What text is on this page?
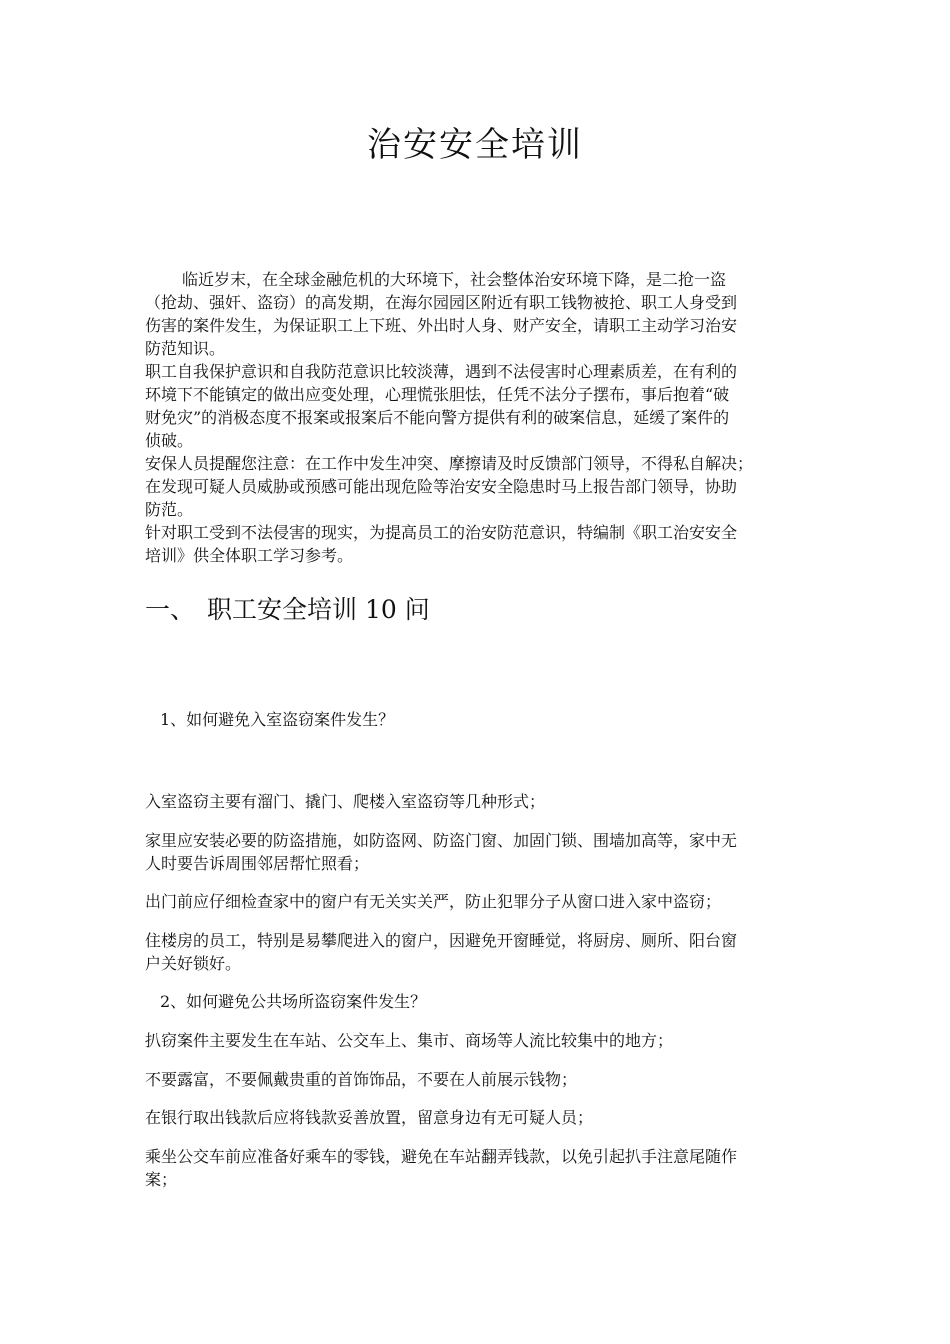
治安安全培训
临近岁末，在全球金融危机的大环境下，社会整体治安环境下降，是二抢一盗
（抢劫、强奸、盗窃）的高发期，在海尔园园区附近有职工钱物被抢、职工人身受到
伤害的案件发生，为保证职工上下班、外出时人身、财产安全，请职工主动学习治安
防范知识。
职工自我保护意识和自我防范意识比较淡薄，遇到不法侵害时心理素质差，在有利的
环境下不能镇定的做出应变处理，心理慌张胆怯，任凭不法分子摆布，事后抱着“破
财免灾”的消极态度不报案或报案后不能向警方提供有利的破案信息，延缓了案件的
侦破。
安保人员提醒您注意：在工作中发生冲突、摩擦请及时反馈部门领导，不得私自解决；
在发现可疑人员威胁或预感可能出现危险等治安安全隐患时马上报告部门领导，协助
防范。
针对职工受到不法侵害的现实，为提高员工的治安防范意识，特编制《职工治安安全
培训》供全体职工学习参考。
一、 职工安全培训 10 问

1、如何避免入室盗窃案件发生？

入室盗窃主要有溜门、撬门、爬楼入室盗窃等几种形式；

家里应安装必要的防盗措施，如防盗网、防盗门窗、加固门锁、围墙加高等，家中无
人时要告诉周围邻居帮忙照看；

出门前应仔细检查家中的窗户有无关实关严，防止犯罪分子从窗口进入家中盗窃；

住楼房的员工，特别是易攀爬进入的窗户，因避免开窗睡觉，将厨房、厕所、阳台窗
户关好锁好。

2、如何避免公共场所盗窃案件发生？

扒窃案件主要发生在车站、公交车上、集市、商场等人流比较集中的地方；

不要露富，不要佩戴贵重的首饰饰品，不要在人前展示钱物；

在银行取出钱款后应将钱款妥善放置，留意身边有无可疑人员；

乘坐公交车前应准备好乘车的零钱，避免在车站翻弄钱款，以免引起扒手注意尾随作
案；
